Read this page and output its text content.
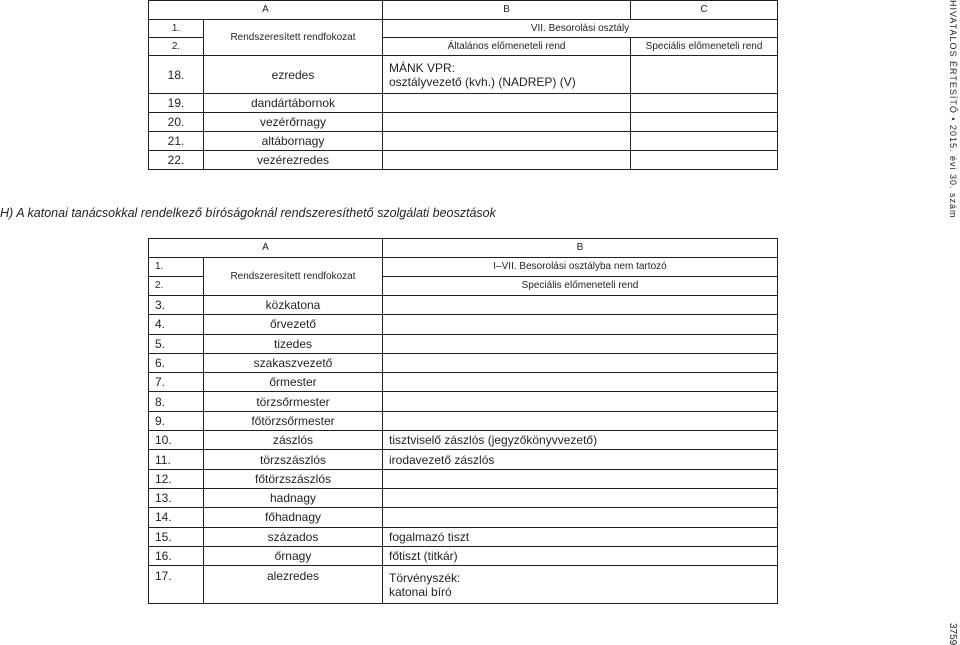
A		B	C
1.	Rendszeresített rendfokozat	VII. Besorolási osztály	
2.		Általános előmeneteli rend	Speciális előmeneteli rend
18.	ezredes	MÁNK VPR:
osztályvezető (kvh.) (NADREP) (V)	

19.	dandártábornok		
20.	vezérőrnagy		
21.	altábornagy		
22.	vezérezredes		
H) A katonai tanácsokkal rendelkező bíróságoknál rendszeresíthető szolgálati beosztások
A		B
1.	Rendszeresített rendfokozat	I–VII. Besorolási osztályba nem tartozó
2.		Speciális előmeneteli rend
3.	közkatona	
4.	őrvezető	
5.	tizedes	
6.	szakaszvezető	
7.	őrmester	
8.	törzsőrmester	
9.	főtörzsőrmester	
10.	zászlós	tisztviselő zászlós (jegyzőkönyvvezető)
11.	törzszászlós	irodavezető zászlós
12.	főtörzszászlós	
13.	hadnagy	
14.	főhadnagy	
15.	százados	fogalmazó tiszt
16.	őrnagy	főtiszt (titkár)
17.	alezredes	Törvényszék:
katonai bíró
HIVATALOS ÉRTESÍTŐ • 2015. évi 30. szám
3759
